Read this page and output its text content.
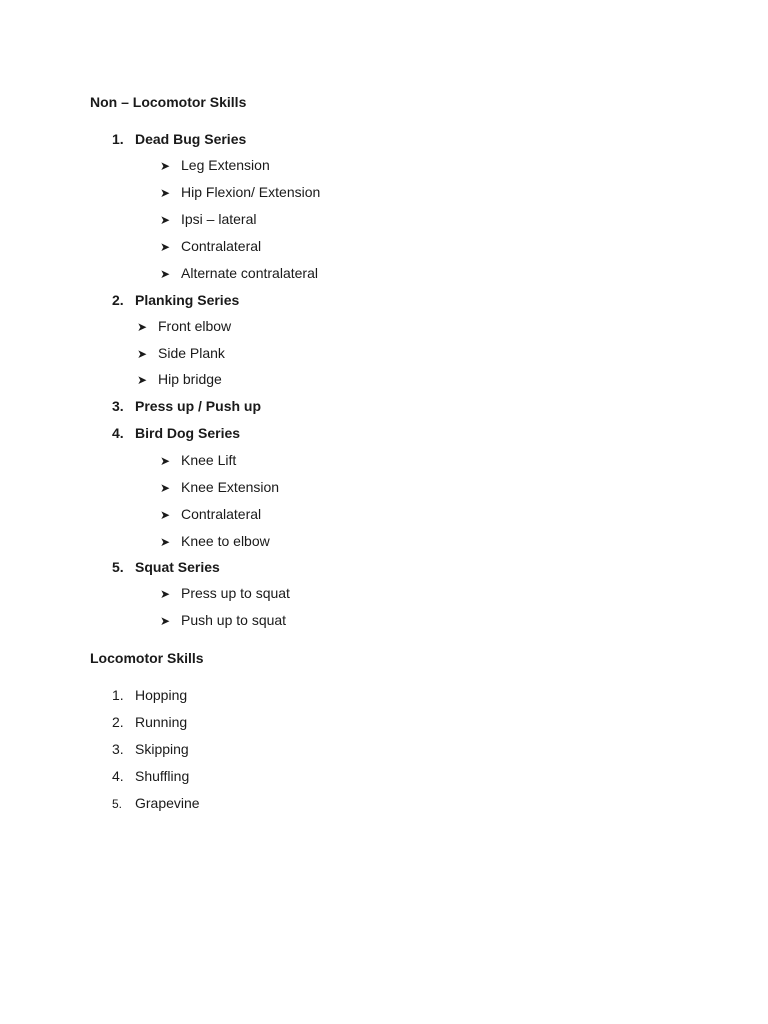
Non – Locomotor Skills
1. Dead Bug Series
➤ Leg Extension
➤ Hip Flexion/ Extension
➤ Ipsi – lateral
➤ Contralateral
➤ Alternate contralateral
2. Planking Series
➤ Front elbow
➤ Side Plank
➤ Hip bridge
3. Press up / Push up
4. Bird Dog Series
➤ Knee Lift
➤ Knee Extension
➤ Contralateral
➤ Knee to elbow
5. Squat Series
➤ Press up to squat
➤ Push up to squat
Locomotor Skills
1. Hopping
2. Running
3. Skipping
4. Shuffling
5. Grapevine
